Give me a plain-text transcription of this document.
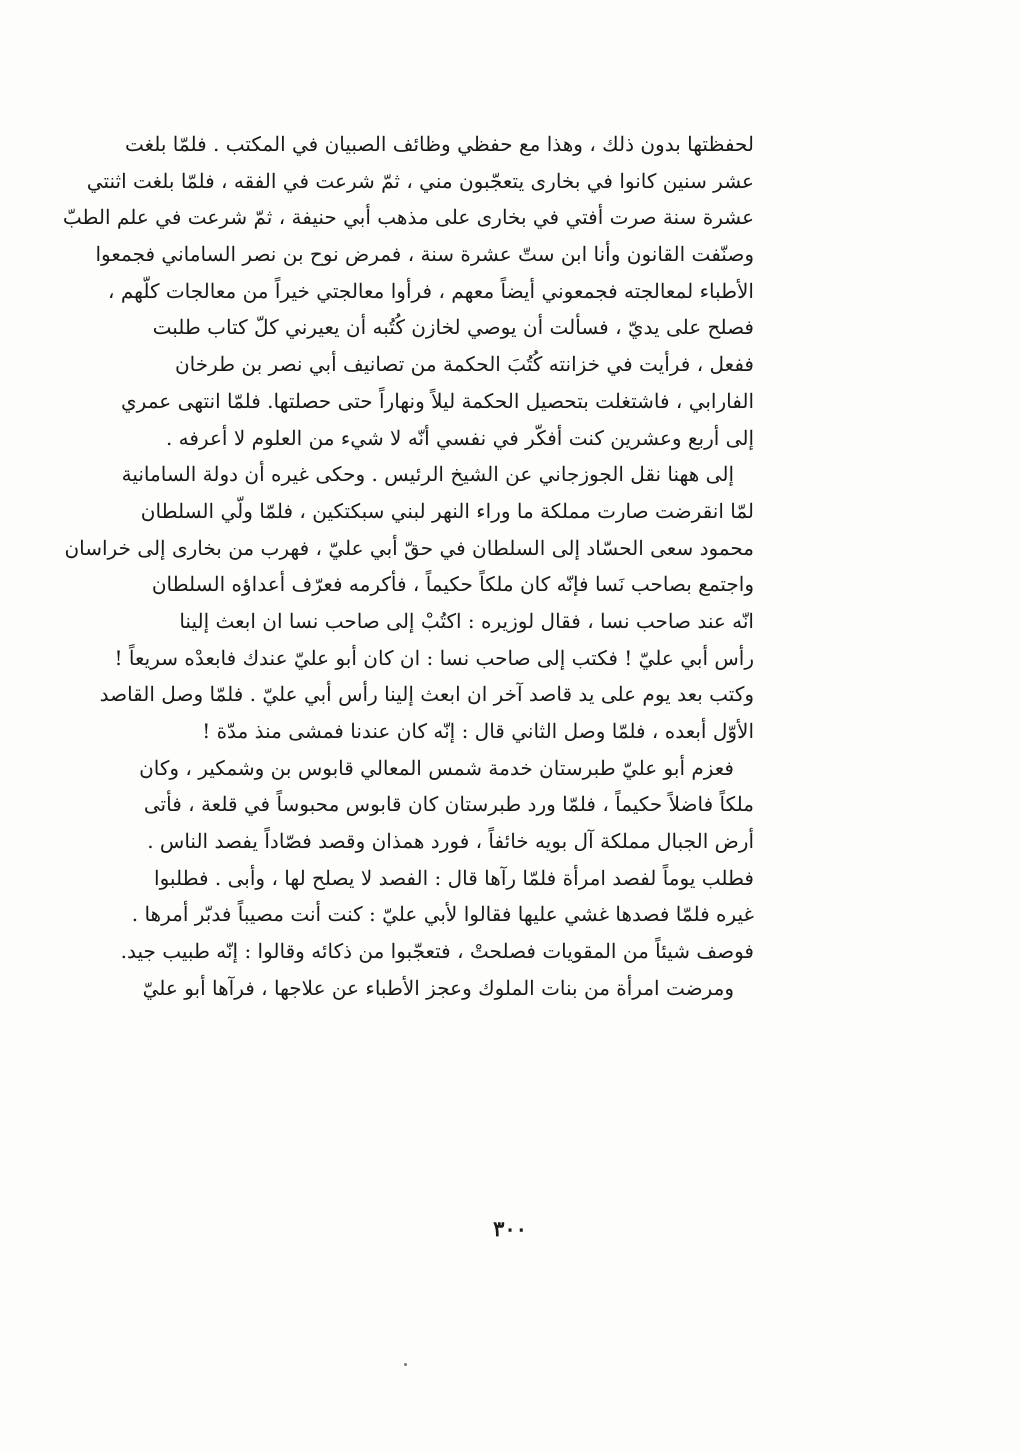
لحفظتها بدون ذلك ، وهذا مع حفظي وظائف الصبيان في المكتب . فلمّا بلغت
عشر سنين كانوا في بخارى يتعجّبون مني ، ثمّ شرعت في الفقه ، فلمّا بلغت اثنتي
عشرة سنة صرت أفتي في بخارى على مذهب أبي حنيفة ، ثمّ شرعت في علم الطبّ
وصنّفت القانون وأنا ابن ستّ عشرة سنة ، فمرض نوح بن نصر الساماني فجمعوا
الأطباء لمعالجته فجمعوني أيضاً معهم ، فرأوا معالجتي خيراً من معالجات كلّهم ،
فصلح على يديّ ، فسألت أن يوصي لخازن كُتُبه أن يعيرني كلّ كتاب طلبت
ففعل ، فرأيت في خزانته كُتُبَ الحكمة من تصانيف أبي نصر بن طرخان
الفارابي ، فاشتغلت بتحصيل الحكمة ليلاً ونهاراً حتى حصلتها. فلمّا انتهى عمري
إلى أربع وعشرين كنت أفكّر في نفسي أنّه لا شيء من العلوم لا أعرفه .
إلى ههنا نقل الجوزجاني عن الشيخ الرئيس . وحكى غيره أن دولة السامانية
لمّا انقرضت صارت مملكة ما وراء النهر لبني سبكتكين ، فلمّا ولّي السلطان
محمود سعى الحسّاد إلى السلطان في حقّ أبي عليّ ، فهرب من بخارى إلى خراسان
واجتمع بصاحب نَسا فإنّه كان ملكاً حكيماً ، فأكرمه فعرّف أعداؤه السلطان
انّه عند صاحب نسا ، فقال لوزيره : اكتُبْ إلى صاحب نسا ان ابعث إلينا
رأس أبي عليّ ! فكتب إلى صاحب نسا : ان كان أبو عليّ عندك فابعدْه سريعاً !
وكتب بعد يوم على يد قاصد آخر ان ابعث إلينا رأس أبي عليّ . فلمّا وصل القاصد
الأوّل أبعده ، فلمّا وصل الثاني قال : إنّه كان عندنا فمشى منذ مدّة !
فعزم أبو عليّ طبرستان خدمة شمس المعالي قابوس بن وشمكير ، وكان
ملكاً فاضلاً حكيماً ، فلمّا ورد طبرستان كان قابوس محبوساً في قلعة ، فأتى
أرض الجبال مملكة آل بويه خائفاً ، فورد همذان وقصد فصّاداً يفصد الناس .
فطلب يوماً لفصد امرأة فلمّا رآها قال : الفصد لا يصلح لها ، وأبى . فطلبوا
غيره فلمّا فصدها غشي عليها فقالوا لأبي عليّ : كنت أنت مصيباً فدبّر أمرها .
فوصف شيئاً من المقويات فصلحتْ ، فتعجّبوا من ذكائه وقالوا : إنّه طبيب جيد.
ومرضت امرأة من بنات الملوك وعجز الأطباء عن علاجها ، فرآها أبو عليّ
٣٠٠
